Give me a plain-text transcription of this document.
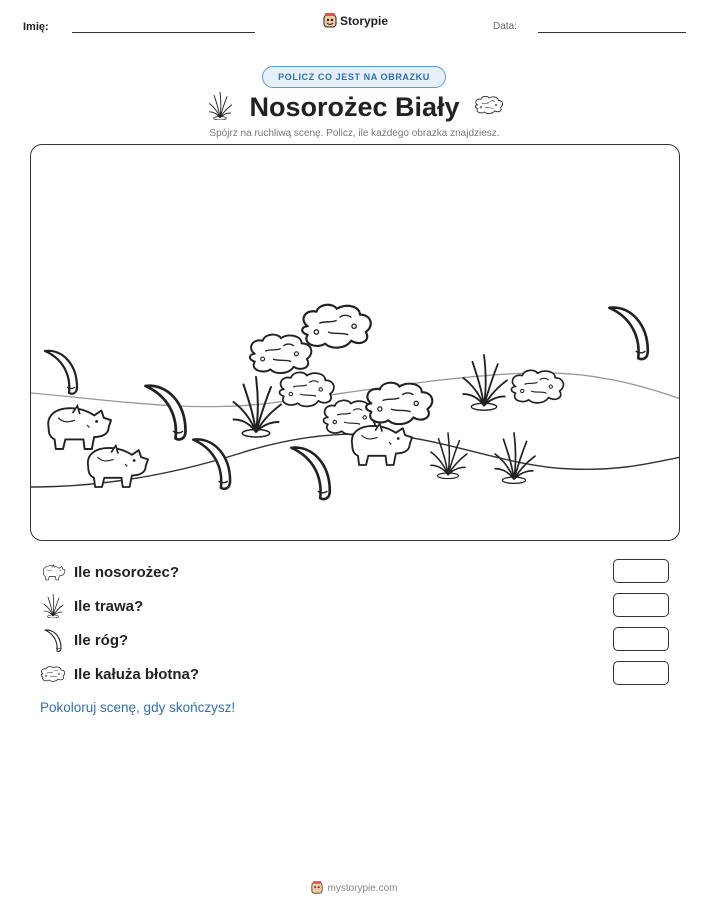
Imię:	Storypie	Data:
POLICZ CO JEST NA OBRAZKU
Nosorożec Biały
Spójrz na ruchliwą scenę. Policz, ile każdego obrazka znajdziesz.
Ile nosorożec?
Ile trawa?
Ile róg?
Ile kałuża błotna?
Pokoloruj scenę, gdy skończysz!
mystorypie.com
